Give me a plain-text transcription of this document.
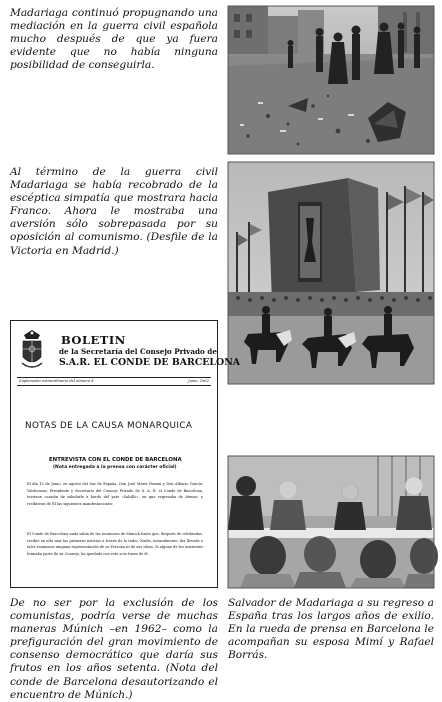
Madariaga continuó propugnando una mediación en la guerra civil española mucho después de que ya fuera evidente que no había ninguna posibilidad de conseguirla.

Al término de la guerra civil Madariaga se había recobrado de la escéptica simpatía que mostrara hacia Franco. Ahora le mostraba una aversión sólo sobrepasada por su oposición al comunismo. (Desfile de la Victoria en Madrid.)

De no ser por la exclusión de los comunistas, podría verse de muchas maneras Múnich –en 1962– como la prefiguración del gran movimiento de consenso democrático que daría sus frutos en los años setenta. (Nota del conde de Barcelona desautorizando el encuentro de Múnich.)

Salvador de Madariaga a su regreso a España tras los largos años de exilio. En la rueda de prensa en Barcelona le acompañan su esposa Mimí y Rafael Borrás.

BOLETIN
de la Secretaría del Consejo Privado de
S.A.R. EL CONDE DE BARCELONA
Suplemento extraordinario del número 8	Junio, 1962
NOTAS DE LA CAUSA MONARQUICA
ENTREVISTA CON EL CONDE DE BARCELONA
(Nota entregada a la prensa con carácter oficial)
El día 15 de Junio, en agosto del Sur de España, Don José María Pemán y Don Alfonso García-Valdecasas, Presidente y Secretario del Consejo Privado de S. A. R. el Conde de Barcelona, tuvieron ocasión de saludarle a bordo del yate «Saltillo», en que regresaba de Atenas, y recibieron de Él las siguientes manifestaciones:
El Conde de Barcelona nada sabía de las reuniones de Munich hasta que, después de celebradas, recibió en alta mar las primeras noticias a través de la radio. Nadie, naturalmente, iba llevada a tales reuniones ninguna representación de su Persona ni de sus ideas. Si alguno de los asistentes formaba parte de su Consejo, ha quedado con este acto fuera de él.
